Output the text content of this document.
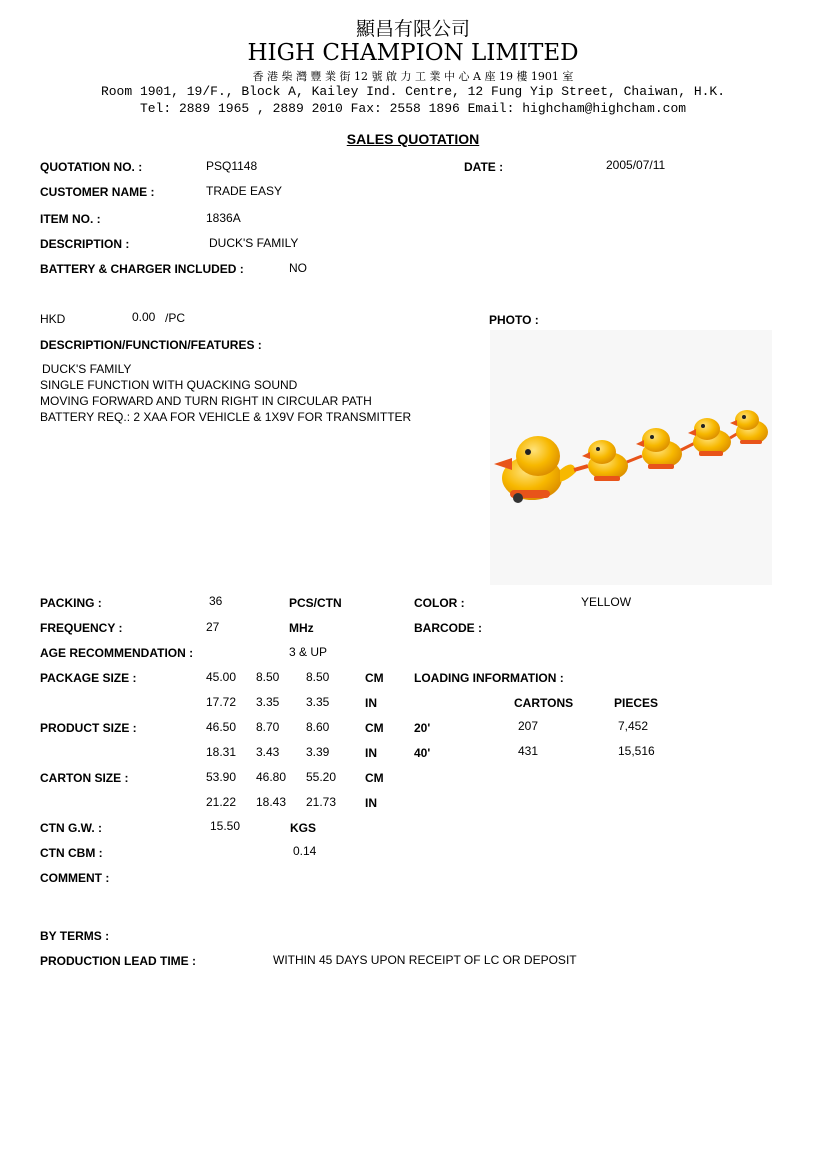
顯昌有限公司
HIGH CHAMPION LIMITED
香 港 柴 灣 豐 業 街 12 號 啟 力 工 業 中 心 A 座 19 樓 1901 室
Room 1901, 19/F., Block A, Kailey Ind. Centre, 12 Fung Yip Street, Chaiwan, H.K.
Tel: 2889 1965 , 2889 2010 Fax: 2558 1896 Email: highcham@highcham.com
SALES QUOTATION
QUOTATION NO. :	PSQ1148	DATE :	2005/07/11
CUSTOMER NAME :	TRADE EASY
ITEM NO. :	1836A
DESCRIPTION :	DUCK'S FAMILY
BATTERY & CHARGER INCLUDED :	NO
HKD	0.00 /PC	PHOTO :
DESCRIPTION/FUNCTION/FEATURES :
DUCK'S FAMILY
SINGLE FUNCTION WITH QUACKING SOUND
MOVING FORWARD AND TURN RIGHT IN CIRCULAR PATH
BATTERY REQ.: 2 XAA FOR VEHICLE & 1X9V FOR TRANSMITTER
PACKING :	36	PCS/CTN	COLOR :	YELLOW
FREQUENCY :	27	MHz	BARCODE :
AGE RECOMMENDATION :	3 & UP
PACKAGE SIZE :	45.00 8.50 8.50	CM	LOADING INFORMATION :
17.72 3.35 3.35	IN	CARTONS	PIECES
PRODUCT SIZE :	46.50 8.70 8.60	CM	20'	207	7,452
18.31 3.43 3.39	IN	40'	431	15,516
CARTON SIZE :	53.90 46.80 55.20 CM
21.22 18.43 21.73 IN
CTN G.W. :	15.50	KGS
CTN CBM :	0.14
COMMENT :
BY TERMS :
PRODUCTION LEAD TIME :	WITHIN 45 DAYS UPON RECEIPT OF LC OR DEPOSIT
